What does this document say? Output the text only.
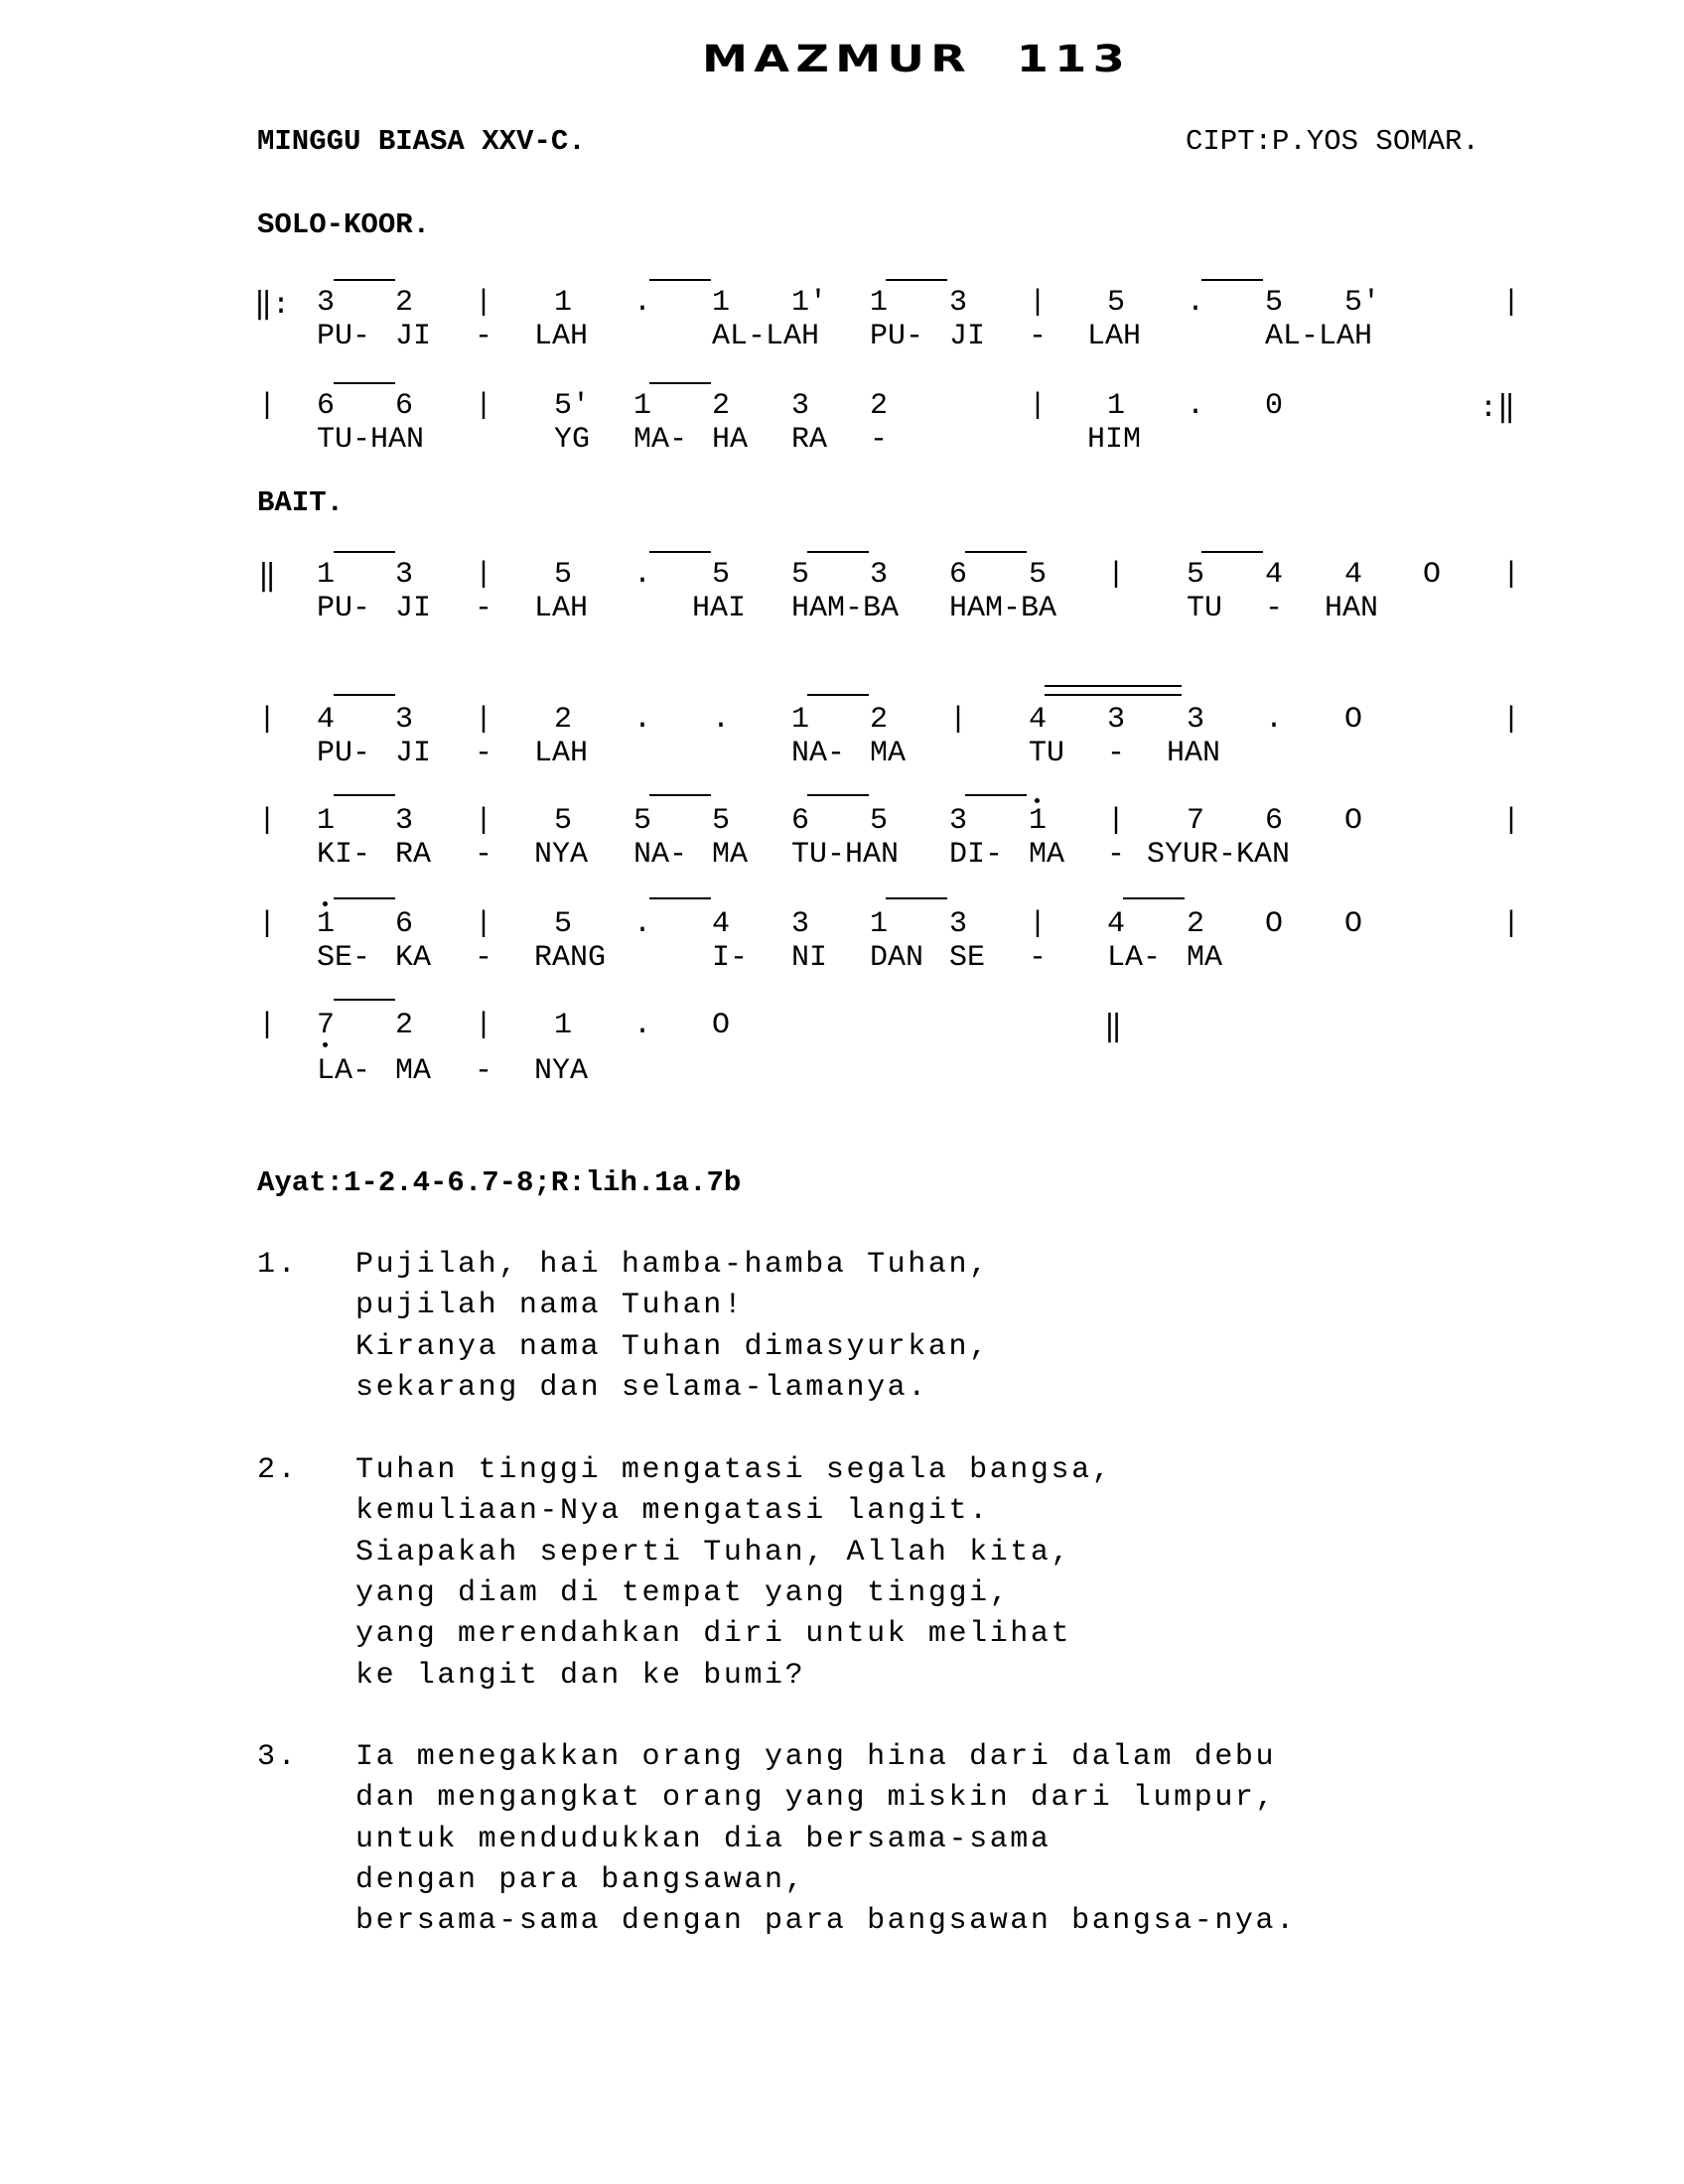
MAZMUR  113
MINGGU BIASA XXV-C.	CIPT:P.YOS SOMAR.
SOLO-KOOR.
‖: 3 2 | 1 . 1 1' 1 3 | 5 . 5 5'	|
PU- JI - LAH	AL-LAH PU- JI - LAH	AL-LAH
| 6 6 | 5' 1 2 3 2	| 1 . 0	:‖
TU-HAN	YG MA- HA RA -	HIM
BAIT.
‖ 1 3 | 5 . 5 5 3 6 5 | 5 4 4 O |
PU- JI - LAH	HAI HAM-BA HAM-BA	TU - HAN
| 4 3 | 2 . . 1 2 | 4 3 3 . O	|
PU- JI - LAH	NA- MA	TU - HAN
| 1 3 | 5 5 5 6 5 3 1 | 7 6 O	|
KI- RA - NYA NA- MA TU-HAN DI- MA - SYUR-KAN
| 1 6 | 5 . 4 3 1 3 | 4 2 O O	|
SE- KA - RANG	I- NI DAN SE - LA- MA
| 7 2 | 1 . O	‖
LA- MA - NYA
Ayat:1-2.4-6.7-8;R:lih.1a.7b
1. Pujilah, hai hamba-hamba Tuhan,
pujilah nama Tuhan!
Kiranya nama Tuhan dimasyurkan,
sekarang dan selama-lamanya.
2. Tuhan tinggi mengatasi segala bangsa,
kemuliaan-Nya mengatasi langit.
Siapakah seperti Tuhan, Allah kita,
yang diam di tempat yang tinggi,
yang merendahkan diri untuk melihat
ke langit dan ke bumi?
3. Ia menegakkan orang yang hina dari dalam debu
dan mengangkat orang yang miskin dari lumpur,
untuk mendudukkan dia bersama-sama
dengan para bangsawan,
bersama-sama dengan para bangsawan bangsa-nya.
